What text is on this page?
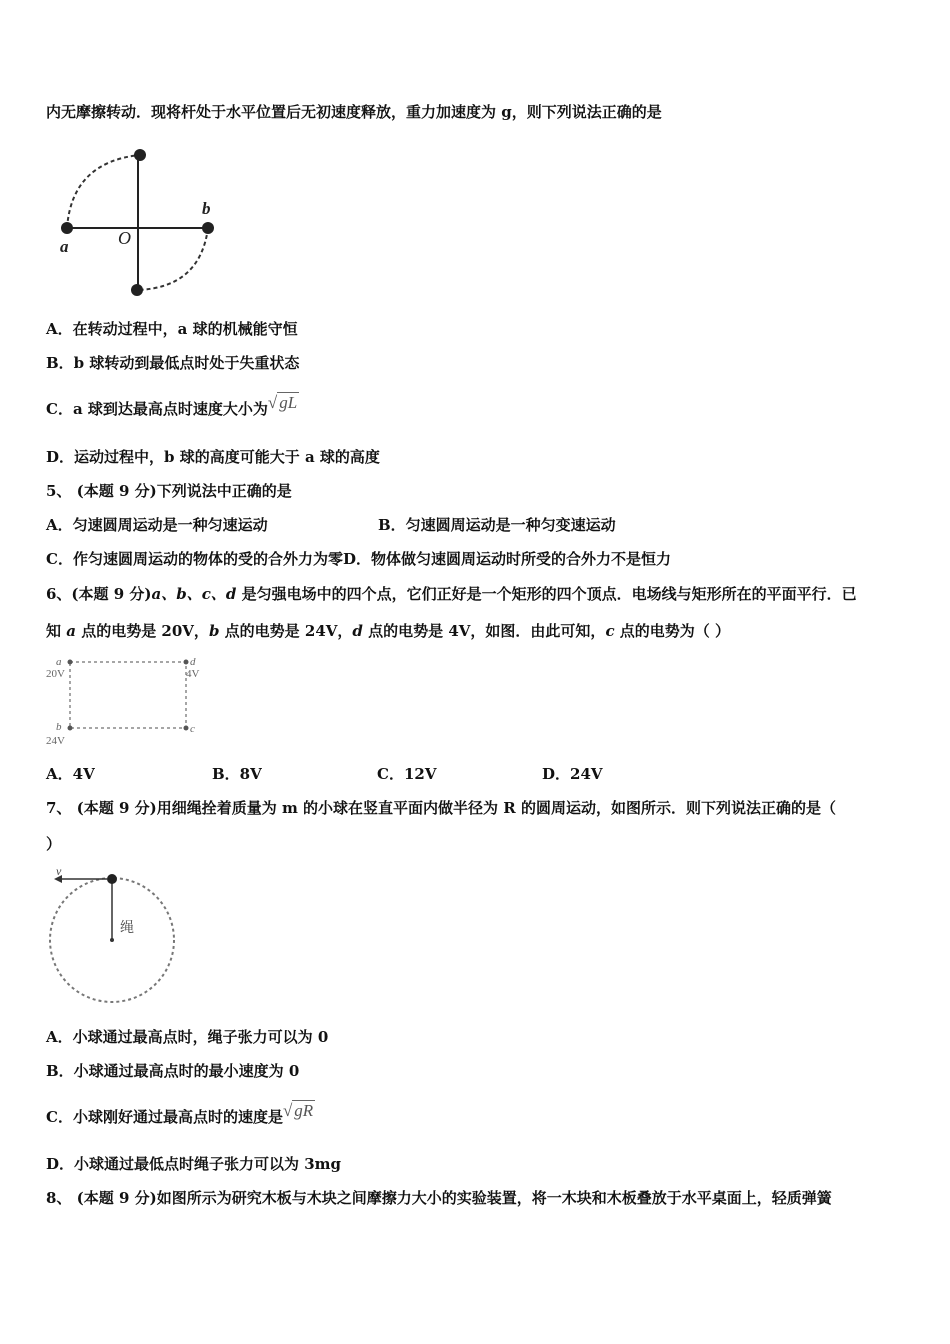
内无摩擦转动．现将杆处于水平位置后无初速度释放，重力加速度为 g，则下列说法正确的是
a
b
O
A．在转动过程中，a 球的机械能守恒
B．b 球转动到最低点时处于失重状态
C．a 球到达最高点时速度大小为√ gL
D．运动过程中，b 球的高度可能大于 a 球的高度
5、 (本题 9 分)下列说法中正确的是
A．匀速圆周运动是一种匀速运动	B．匀速圆周运动是一种匀变速运动
C．作匀速圆周运动的物体的受的合外力为零D．物体做匀速圆周运动时所受的合外力不是恒力
6、(本题 9 分)a、b、c、d 是匀强电场中的四个点，它们正好是一个矩形的四个顶点．电场线与矩形所在的平面平行．已
知 a 点的电势是 20V，b 点的电势是 24V，d 点的电势是 4V，如图．由此可知，c 点的电势为（ ）
a
20V
d
4V
b
24V
c
A．4V	B．8V	C．12V	D．24V
7、 (本题 9 分)用细绳拴着质量为 m 的小球在竖直平面内做半径为 R 的圆周运动，如图所示．则下列说法正确的是（
）
v
绳
A．小球通过最高点时，绳子张力可以为 0
B．小球通过最高点时的最小速度为 0
C．小球刚好通过最高点时的速度是√ gR
D．小球通过最低点时绳子张力可以为 3mg
8、 (本题 9 分)如图所示为研究木板与木块之间摩擦力大小的实验装置，将一木块和木板叠放于水平桌面上，轻质弹簧
